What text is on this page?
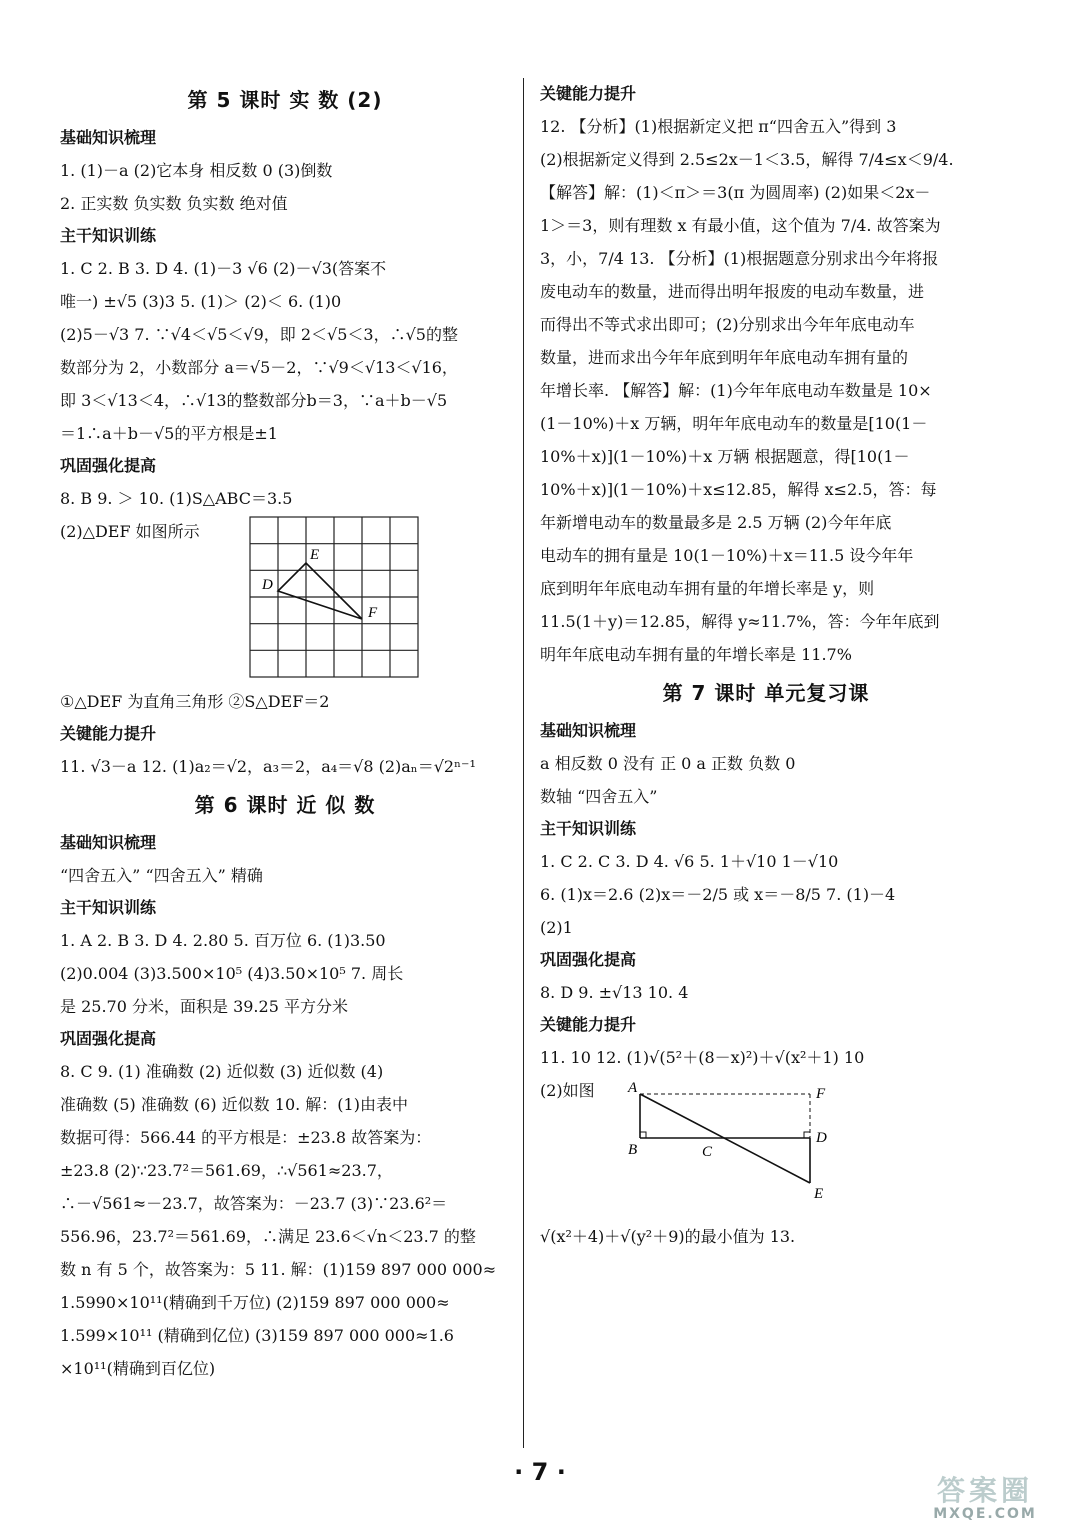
第 5 课时 实 数 (2)
基础知识梳理
1. (1)－a (2)它本身 相反数 0 (3)倒数
2. 正实数 负实数 负实数 绝对值
主干知识训练
1. C 2. B 3. D 4. (1)－3 √6 (2)－√3(答案不
唯一) ±√5 (3)3 5. (1)＞ (2)＜ 6. (1)0
(2)5－√3 7. ∵√4＜√5＜√9，即 2＜√5＜3，∴√5的整
数部分为 2，小数部分 a＝√5－2，∵√9＜√13＜√16，
即 3＜√13＜4，∴√13的整数部分b＝3，∵a＋b－√5
＝1∴a＋b－√5的平方根是±1
巩固强化提高
8. B 9. ＞ 10. (1)S△ABC＝3.5
(2)△DEF 如图所示
D
E
F
①△DEF 为直角三角形 ②S△DEF＝2
关键能力提升
11. √3－a 12. (1)a₂＝√2，a₃＝2，a₄＝√8 (2)aₙ＝√2ⁿ⁻¹
第 6 课时 近 似 数
基础知识梳理
“四舍五入” “四舍五入” 精确
主干知识训练
1. A 2. B 3. D 4. 2.80 5. 百万位 6. (1)3.50
(2)0.004 (3)3.500×10⁵ (4)3.50×10⁵ 7. 周长
是 25.70 分米，面积是 39.25 平方分米
巩固强化提高
8. C 9. (1) 准确数 (2) 近似数 (3) 近似数 (4)
准确数 (5) 准确数 (6) 近似数 10. 解：(1)由表中
数据可得：566.44 的平方根是：±23.8 故答案为：
±23.8 (2)∵23.7²＝561.69，∴√561≈23.7，
∴－√561≈－23.7，故答案为：－23.7 (3)∵23.6²＝
556.96，23.7²＝561.69，∴满足 23.6＜√n＜23.7 的整
数 n 有 5 个，故答案为：5 11. 解：(1)159 897 000 000≈
1.5990×10¹¹(精确到千万位) (2)159 897 000 000≈
1.599×10¹¹ (精确到亿位) (3)159 897 000 000≈1.6
×10¹¹(精确到百亿位)
关键能力提升
12. 【分析】(1)根据新定义把 π“四舍五入”得到 3
(2)根据新定义得到 2.5≤2x－1＜3.5，解得 7/4≤x＜9/4.
【解答】解：(1)＜π＞＝3(π 为圆周率) (2)如果＜2x－
1＞＝3，则有理数 x 有最小值，这个值为 7/4. 故答案为
3，小，7/4 13. 【分析】(1)根据题意分别求出今年将报
废电动车的数量，进而得出明年报废的电动车数量，进
而得出不等式求出即可；(2)分别求出今年年底电动车
数量，进而求出今年年底到明年年底电动车拥有量的
年增长率. 【解答】解：(1)今年年底电动车数量是 10×
(1－10%)＋x 万辆，明年年底电动车的数量是[10(1－
10%＋x)](1－10%)＋x 万辆 根据题意，得[10(1－
10%＋x)](1－10%)＋x≤12.85，解得 x≤2.5，答：每
年新增电动车的数量最多是 2.5 万辆 (2)今年年底
电动车的拥有量是 10(1－10%)＋x＝11.5 设今年年
底到明年年底电动车拥有量的年增长率是 y，则
11.5(1＋y)＝12.85，解得 y≈11.7%，答：今年年底到
明年年底电动车拥有量的年增长率是 11.7%
第 7 课时 单元复习课
基础知识梳理
a 相反数 0 没有 正 0 a 正数 负数 0
数轴 “四舍五入”
主干知识训练
1. C 2. C 3. D 4. √6 5. 1＋√10 1－√10
6. (1)x＝2.6 (2)x＝－2/5 或 x＝－8/5 7. (1)－4
(2)1
巩固强化提高
8. D 9. ±√13 10. 4
关键能力提升
11. 10 12. (1)√(5²＋(8－x)²)＋√(x²＋1) 10
(2)如图	A
B	C
D
E
F
√(x²＋4)＋√(y²＋9)的最小值为 13.
· 7 ·
答案圈
MXQE.COM
